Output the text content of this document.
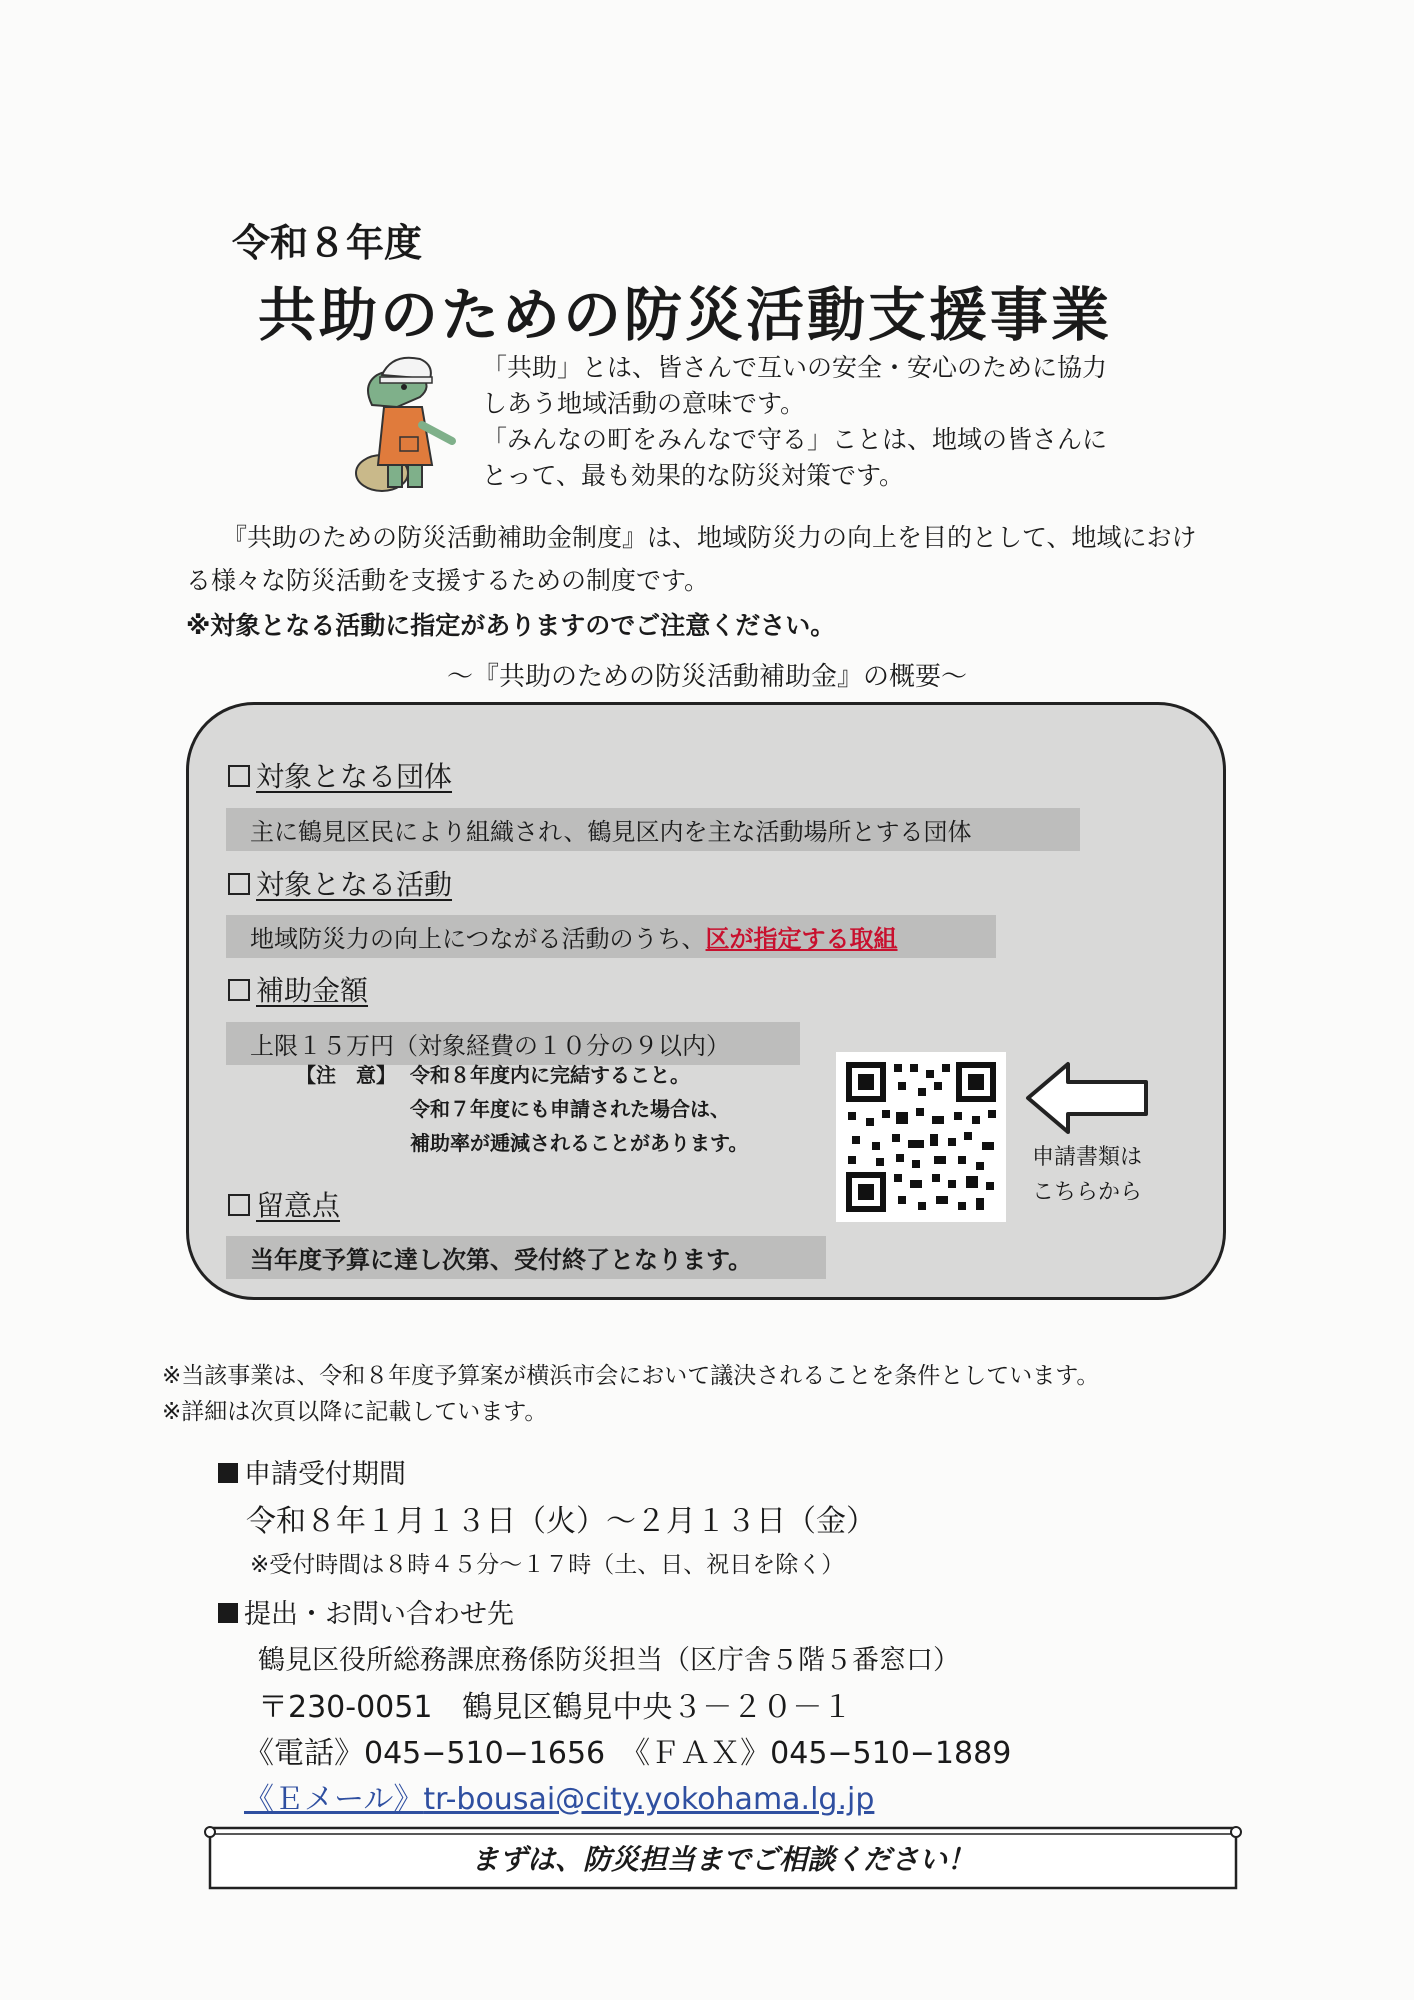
令和８年度
共助のための防災活動支援事業
「共助」とは、皆さんで互いの安全・安心のために協力
しあう地域活動の意味です。
「みんなの町をみんなで守る」ことは、地域の皆さんに
とって、最も効果的な防災対策です。
『共助のための防災活動補助金制度』は、地域防災力の向上を目的として、地域におけ
る様々な防災活動を支援するための制度です。
※対象となる活動に指定がありますのでご注意ください。
～『共助のための防災活動補助金』の概要～
対象となる団体
主に鶴見区民により組織され、鶴見区内を主な活動場所とする団体
対象となる活動
地域防災力の向上につながる活動のうち、区が指定する取組
補助金額
上限１５万円（対象経費の１０分の９以内）
【注　意】 令和８年度内に完結すること。
令和７年度にも申請された場合は、
補助率が逓減されることがあります。
留意点
当年度予算に達し次第、受付終了となります。
申請書類は
こちらから
※当該事業は、令和８年度予算案が横浜市会において議決されることを条件としています。
※詳細は次頁以降に記載しています。
申請受付期間
令和８年１月１３日（火）～２月１３日（金）
※受付時間は８時４５分～１７時（土、日、祝日を除く）
提出・お問い合わせ先
鶴見区役所総務課庶務係防災担当（区庁舎５階５番窓口）
〒230-0051　鶴見区鶴見中央３－２０－１
《電話》045−510−1656　《ＦＡＸ》045−510−1889
《Ｅメール》tr-bousai@city.yokohama.lg.jp
まずは、防災担当までご相談ください！
